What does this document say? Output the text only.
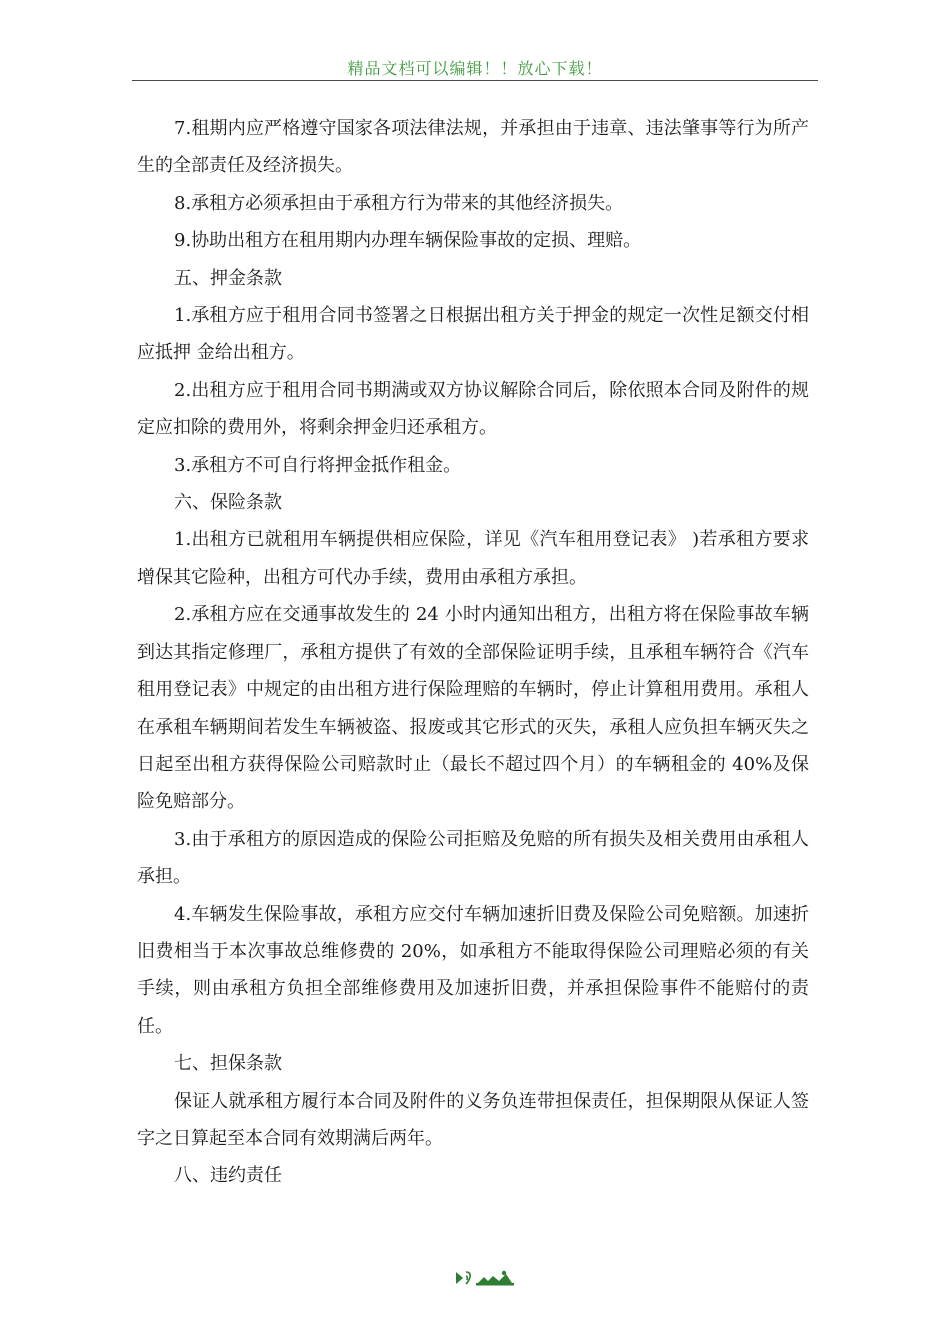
精品文档可以编辑！！放心下载！

7.租期内应严格遵守国家各项法律法规，并承担由于违章、违法肇事等行为所产生的全部责任及经济损失。

8.承租方必须承担由于承租方行为带来的其他经济损失。

9.协助出租方在租用期内办理车辆保险事故的定损、理赔。

五、押金条款

1.承租方应于租用合同书签署之日根据出租方关于押金的规定一次性足额交付相应抵押 金给出租方。

2.出租方应于租用合同书期满或双方协议解除合同后，除依照本合同及附件的规定应扣除的费用外，将剩余押金归还承租方。

3.承租方不可自行将押金抵作租金。

六、保险条款

1.出租方已就租用车辆提供相应保险，详见《汽车租用登记表》 )若承租方要求增保其它险种，出租方可代办手续，费用由承租方承担。

2.承租方应在交通事故发生的 24 小时内通知出租方，出租方将在保险事故车辆到达其指定修理厂，承租方提供了有效的全部保险证明手续，且承租车辆符合《汽车租用登记表》中规定的由出租方进行保险理赔的车辆时，停止计算租用费用。承租人在承租车辆期间若发生车辆被盗、报废或其它形式的灭失，承租人应负担车辆灭失之日起至出租方获得保险公司赔款时止（最长不超过四个月）的车辆租金的 40%及保险免赔部分。

3.由于承租方的原因造成的保险公司拒赔及免赔的所有损失及相关费用由承租人承担。

4.车辆发生保险事故，承租方应交付车辆加速折旧费及保险公司免赔额。加速折旧费相当于本次事故总维修费的 20%，如承租方不能取得保险公司理赔必须的有关手续，则由承租方负担全部维修费用及加速折旧费，并承担保险事件不能赔付的责任。

七、担保条款

保证人就承租方履行本合同及附件的义务负连带担保责任，担保期限从保证人签字之日算起至本合同有效期满后两年。

八、违约责任
